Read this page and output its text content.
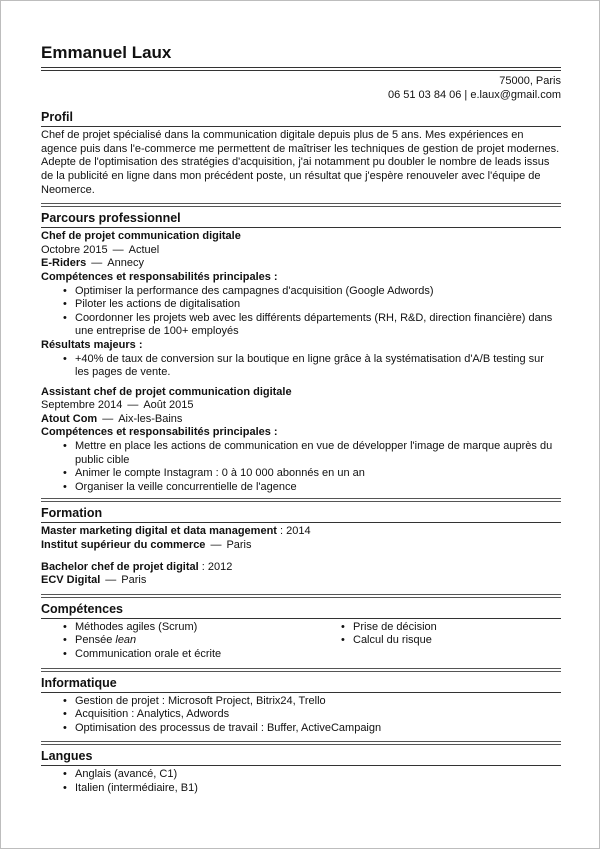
Emmanuel Laux
75000, Paris
06 51 03 84 06 | e.laux@gmail.com
Profil

Chef de projet spécialisé dans la communication digitale depuis plus de 5 ans. Mes expériences en agence puis dans l'e-commerce me permettent de maîtriser les techniques de gestion de projet modernes. Adepte de l'optimisation des stratégies d'acquisition, j'ai notamment pu doubler le nombre de leads issus de la publicité en ligne dans mon précédent poste, un résultat que j'espère renouveler avec l'équipe de Neomerce.

Parcours professionnel

Chef de projet communication digitale

Octobre 2015 — Actuel

E-Riders — Annecy

Compétences et responsabilités principales :

• Optimiser la performance des campagnes d'acquisition (Google Adwords)
• Piloter les actions de digitalisation
• Coordonner les projets web avec les différents départements (RH, R&D, direction financière) dans une entreprise de 100+ employés

Résultats majeurs :

• +40% de taux de conversion sur la boutique en ligne grâce à la systématisation d'A/B testing sur les pages de vente.

Assistant chef de projet communication digitale

Septembre 2014 — Août 2015

Atout Com — Aix-les-Bains

Compétences et responsabilités principales :

• Mettre en place les actions de communication en vue de développer l'image de marque auprès du public cible
• Animer le compte Instagram : 0 à 10 000 abonnés en un an
• Organiser la veille concurrentielle de l'agence
Formation

Master marketing digital et data management : 2014

Institut supérieur du commerce — Paris

Bachelor chef de projet digital : 2012

ECV Digital — Paris

Compétences
• Méthodes agiles (Scrum)
• Pensée lean
• Communication orale et écrite
• Prise de décision
• Calcul du risque
Informatique
• Gestion de projet : Microsoft Project, Bitrix24, Trello
• Acquisition : Analytics, Adwords
• Optimisation des processus de travail : Buffer, ActiveCampaign
Langues
• Anglais (avancé, C1)
• Italien (intermédiaire, B1)
